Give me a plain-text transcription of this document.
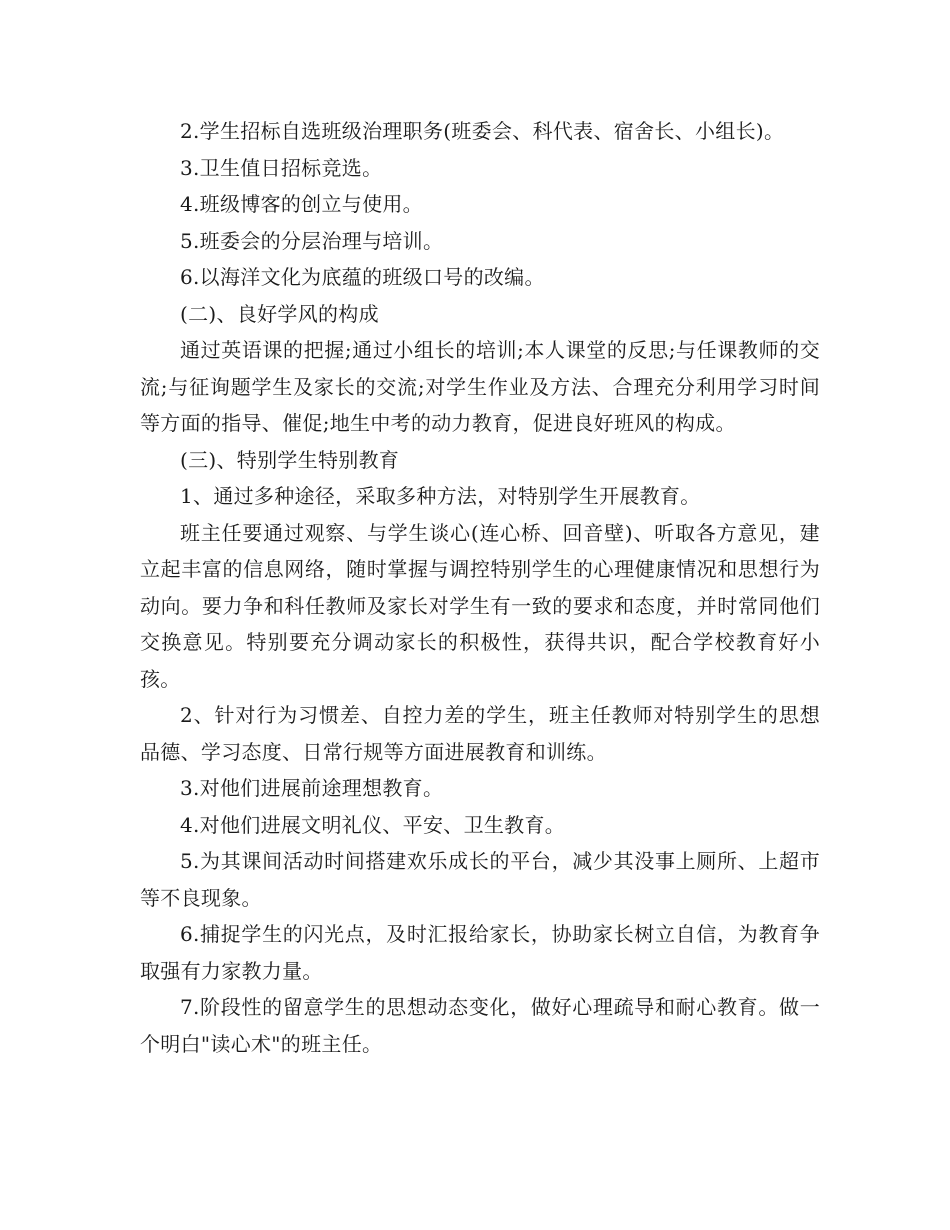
2.学生招标自选班级治理职务(班委会、科代表、宿舍长、小组长)。

3.卫生值日招标竞选。

4.班级博客的创立与使用。

5.班委会的分层治理与培训。

6.以海洋文化为底蕴的班级口号的改编。

(二)、良好学风的构成

通过英语课的把握;通过小组长的培训;本人课堂的反思;与任课教师的交流;与征询题学生及家长的交流;对学生作业及方法、合理充分利用学习时间等方面的指导、催促;地生中考的动力教育，促进良好班风的构成。

(三)、特别学生特别教育

1、通过多种途径，采取多种方法，对特别学生开展教育。

班主任要通过观察、与学生谈心(连心桥、回音壁)、听取各方意见，建立起丰富的信息网络，随时掌握与调控特别学生的心理健康情况和思想行为动向。要力争和科任教师及家长对学生有一致的要求和态度，并时常同他们交换意见。特别要充分调动家长的积极性，获得共识，配合学校教育好小孩。

2、针对行为习惯差、自控力差的学生，班主任教师对特别学生的思想品德、学习态度、日常行规等方面进展教育和训练。

3.对他们进展前途理想教育。

4.对他们进展文明礼仪、平安、卫生教育。

5.为其课间活动时间搭建欢乐成长的平台，减少其没事上厕所、上超市等不良现象。

6.捕捉学生的闪光点，及时汇报给家长，协助家长树立自信，为教育争取强有力家教力量。

7.阶段性的留意学生的思想动态变化，做好心理疏导和耐心教育。做一个明白"读心术"的班主任。
